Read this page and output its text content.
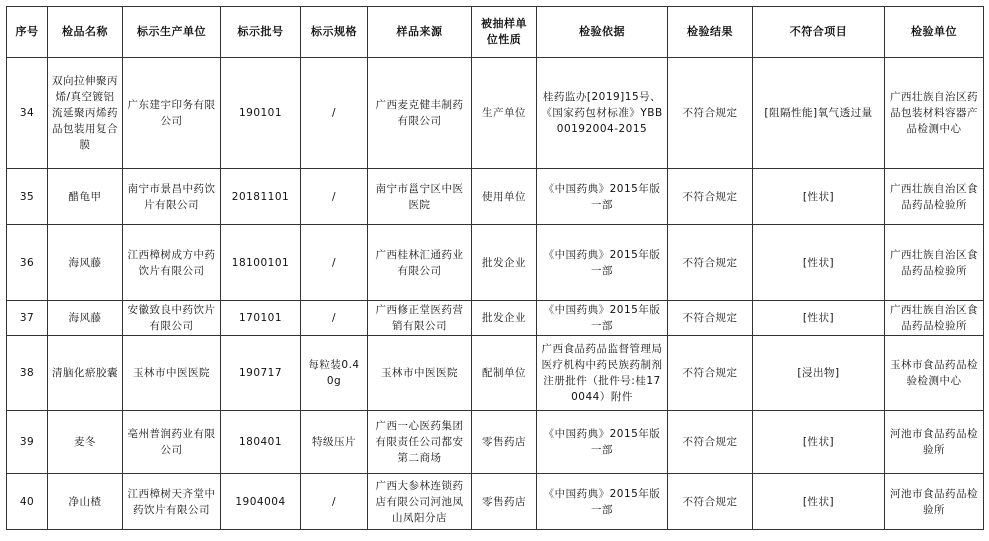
序号	检品名称	标示生产单位	标示批号	标示规格	样品来源	被抽样单位性质	检验依据	检验结果	不符合项目	检验单位
34	双向拉伸聚丙烯/真空镀铝流延聚丙烯药品包装用复合膜	广东建宇印务有限公司	190101	/	广西麦克健丰制药有限公司	生产单位	桂药监办[2019]15号、《国家药包材标准》YBB00192004-2015	不符合规定	[阻隔性能]氧气透过量	广西壮族自治区药品包装材料容器产品检测中心
35	醋龟甲	南宁市景昌中药饮片有限公司	20181101	/	南宁市邕宁区中医医院	使用单位	《中国药典》2015年版一部	不符合规定	[性状]	广西壮族自治区食品药品检验所
36	海风藤	江西樟树成方中药饮片有限公司	18100101	/	广西桂林汇通药业有限公司	批发企业	《中国药典》2015年版一部	不符合规定	[性状]	广西壮族自治区食品药品检验所
37	海风藤	安徽致良中药饮片有限公司	170101	/	广西修正堂医药营销有限公司	批发企业	《中国药典》2015年版一部	不符合规定	[性状]	广西壮族自治区食品药品检验所
38	清脑化瘀胶囊	玉林市中医医院	190717	每粒装0.40g	玉林市中医医院	配制单位	广西食品药品监督管理局医疗机构中药民族药制剂注册批件（批件号:桂170044）附件	不符合规定	[浸出物]	玉林市食品药品检验检测中心
39	麦冬	亳州普润药业有限公司	180401	特级压片	广西一心医药集团有限责任公司都安第二商场	零售药店	《中国药典》2015年版一部	不符合规定	[性状]	河池市食品药品检验所
40	净山楂	江西樟树天齐堂中药饮片有限公司	1904004	/	广西大参林连锁药店有限公司河池凤山凤阳分店	零售药店	《中国药典》2015年版一部	不符合规定	[性状]	河池市食品药品检验所
